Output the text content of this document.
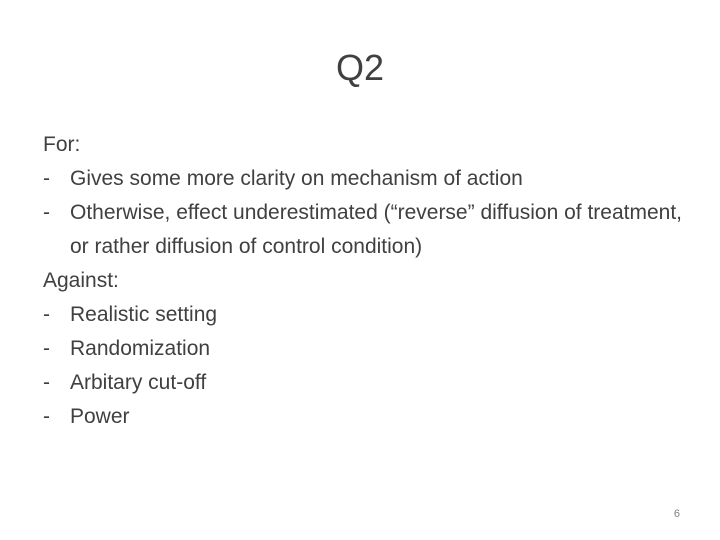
Q2
For:
- Gives some more clarity on mechanism of action
- Otherwise, effect underestimated (“reverse” diffusion of treatment, or rather diffusion of control condition)
Against:
- Realistic setting
- Randomization
- Arbitary cut-off
- Power
6
